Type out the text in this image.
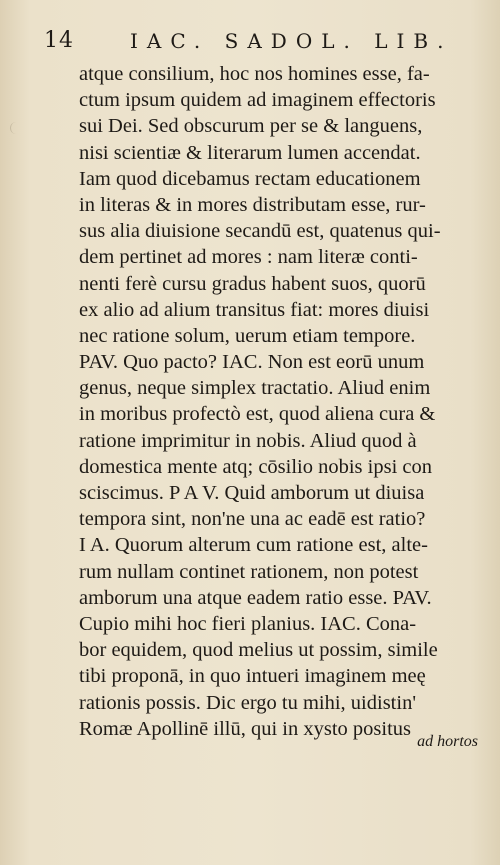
14	IAC. SADOL. LIB.
atque consilium, hoc nos homines esse, fa-
ctum ipsum quidem ad imaginem effectoris
sui Dei. Sed obscurum per se & languens,
nisi scientiæ & literarum lumen accendat.
Iam quod dicebamus rectam educationem
in literas & in mores distributam esse, rur-
sus alia diuisione secandū est, quatenus qui-
dem pertinet ad mores : nam literæ conti-
nenti ferè cursu gradus habent suos, quorū
ex alio ad alium transitus fiat: mores diuisi
nec ratione solum, uerum etiam tempore.
PAV. Quo pacto? IAC. Non est eorū unum
genus, neque simplex tractatio. Aliud enim
in moribus profectò est, quod aliena cura &
ratione imprimitur in nobis. Aliud quod à
domestica mente atq; cōsilio nobis ipsi con
sciscimus. P A V. Quid amborum ut diuisa
tempora sint, non'ne una ac eadē est ratio?
I A. Quorum alterum cum ratione est, alte-
rum nullam continet rationem, non potest
amborum una atque eadem ratio esse. PAV.
Cupio mihi hoc fieri planius. IAC. Cona-
bor equidem, quod melius ut possim, simile
tibi proponā, in quo intueri imaginem meę
rationis possis. Dic ergo tu mihi, uidistin'
Romæ Apollinē illū, qui in xysto positus
ad hortos
